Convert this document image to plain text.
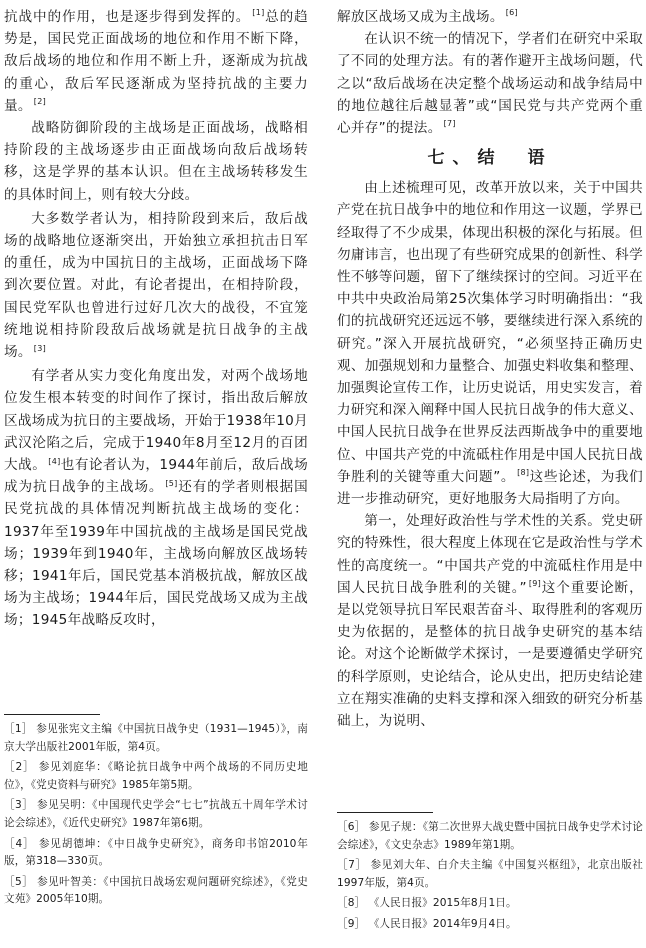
抗战中的作用，也是逐步得到发挥的。 [1]总的趋势是，国民党正面战场的地位和作用不断下降，敌后战场的地位和作用不断上升，逐渐成为抗战的重心，敌后军民逐渐成为坚持抗战的主要力量。 [2]

战略防御阶段的主战场是正面战场，战略相持阶段的主战场逐步由正面战场向敌后战场转移，这是学界的基本认识。但在主战场转移发生的具体时间上，则有较大分歧。

大多数学者认为，相持阶段到来后，敌后战场的战略地位逐渐突出，开始独立承担抗击日军的重任，成为中国抗日的主战场，正面战场下降到次要位置。对此，有论者提出，在相持阶段，国民党军队也曾进行过好几次大的战役，不宜笼统地说相持阶段敌后战场就是抗日战争的主战场。 [3]

有学者从实力变化角度出发，对两个战场地位发生根本转变的时间作了探讨，指出敌后解放区战场成为抗日的主要战场，开始于1938年10月武汉沦陷之后，完成于1940年8月至12月的百团大战。 [4]也有论者认为，1944年前后，敌后战场成为抗日战争的主战场。 [5]还有的学者则根据国民党抗战的具体情况判断抗战主战场的变化：1937年至1939年中国抗战的主战场是国民党战场；1939年到1940年，主战场向解放区战场转移；1941年后，国民党基本消极抗战，解放区战场为主战场；1944年后，国民党战场又成为主战场；1945年战略反攻时，

解放区战场又成为主战场。 [6]

在认识不统一的情况下，学者们在研究中采取了不同的处理方法。有的著作避开主战场问题，代之以“敌后战场在决定整个战场运动和战争结局中的地位越往后越显著”或“国民党与共产党两个重心并存”的提法。 [7]

七、结　语

由上述梳理可见，改革开放以来，关于中国共产党在抗日战争中的地位和作用这一议题，学界已经取得了不少成果，体现出积极的深化与拓展。但勿庸讳言，也出现了有些研究成果的创新性、科学性不够等问题，留下了继续探讨的空间。习近平在中共中央政治局第25次集体学习时明确指出：“我们的抗战研究还远远不够，要继续进行深入系统的研究。”深入开展抗战研究，“必须坚持正确历史观、加强规划和力量整合、加强史料收集和整理、加强舆论宣传工作，让历史说话，用史实发言，着力研究和深入阐释中国人民抗日战争的伟大意义、中国人民抗日战争在世界反法西斯战争中的重要地位、中国共产党的中流砥柱作用是中国人民抗日战争胜利的关键等重大问题”。 [8]这些论述，为我们进一步推动研究，更好地服务大局指明了方向。

第一，处理好政治性与学术性的关系。党史研究的特殊性，很大程度上体现在它是政治性与学术性的高度统一。“中国共产党的中流砥柱作用是中国人民抗日战争胜利的关键。” [9]这个重要论断，是以党领导抗日军民艰苦奋斗、取得胜利的客观历史为依据的，是整体的抗日战争史研究的基本结论。对这个论断做学术探讨，一是要遵循史学研究的科学原则，史论结合，论从史出，把历史结论建立在翔实准确的史料支撑和深入细致的研究分析基础上，为说明、

［1］ 参见张宪文主编《中国抗日战争史（1931—1945）》，南京大学出版社2001年版，第4页。

［2］ 参见刘庭华：《略论抗日战争中两个战场的不同历史地位》，《党史资料与研究》1985年第5期。

［3］ 参见吴明：《中国现代史学会“七七”抗战五十周年学术讨论会综述》，《近代史研究》1987年第6期。

［4］ 参见胡德坤：《中日战争史研究》，商务印书馆2010年版，第318—330页。

［5］ 参见叶智美：《中国抗日战场宏观问题研究综述》，《党史文苑》2005年10期。

［6］ 参见子规：《第二次世界大战史暨中国抗日战争史学术讨论会综述》，《文史杂志》1989年第1期。

［7］ 参见刘大年、白介夫主编《中国复兴枢纽》，北京出版社1997年版，第4页。

［8］ 《人民日报》2015年8月1日。

［9］ 《人民日报》2014年9月4日。
